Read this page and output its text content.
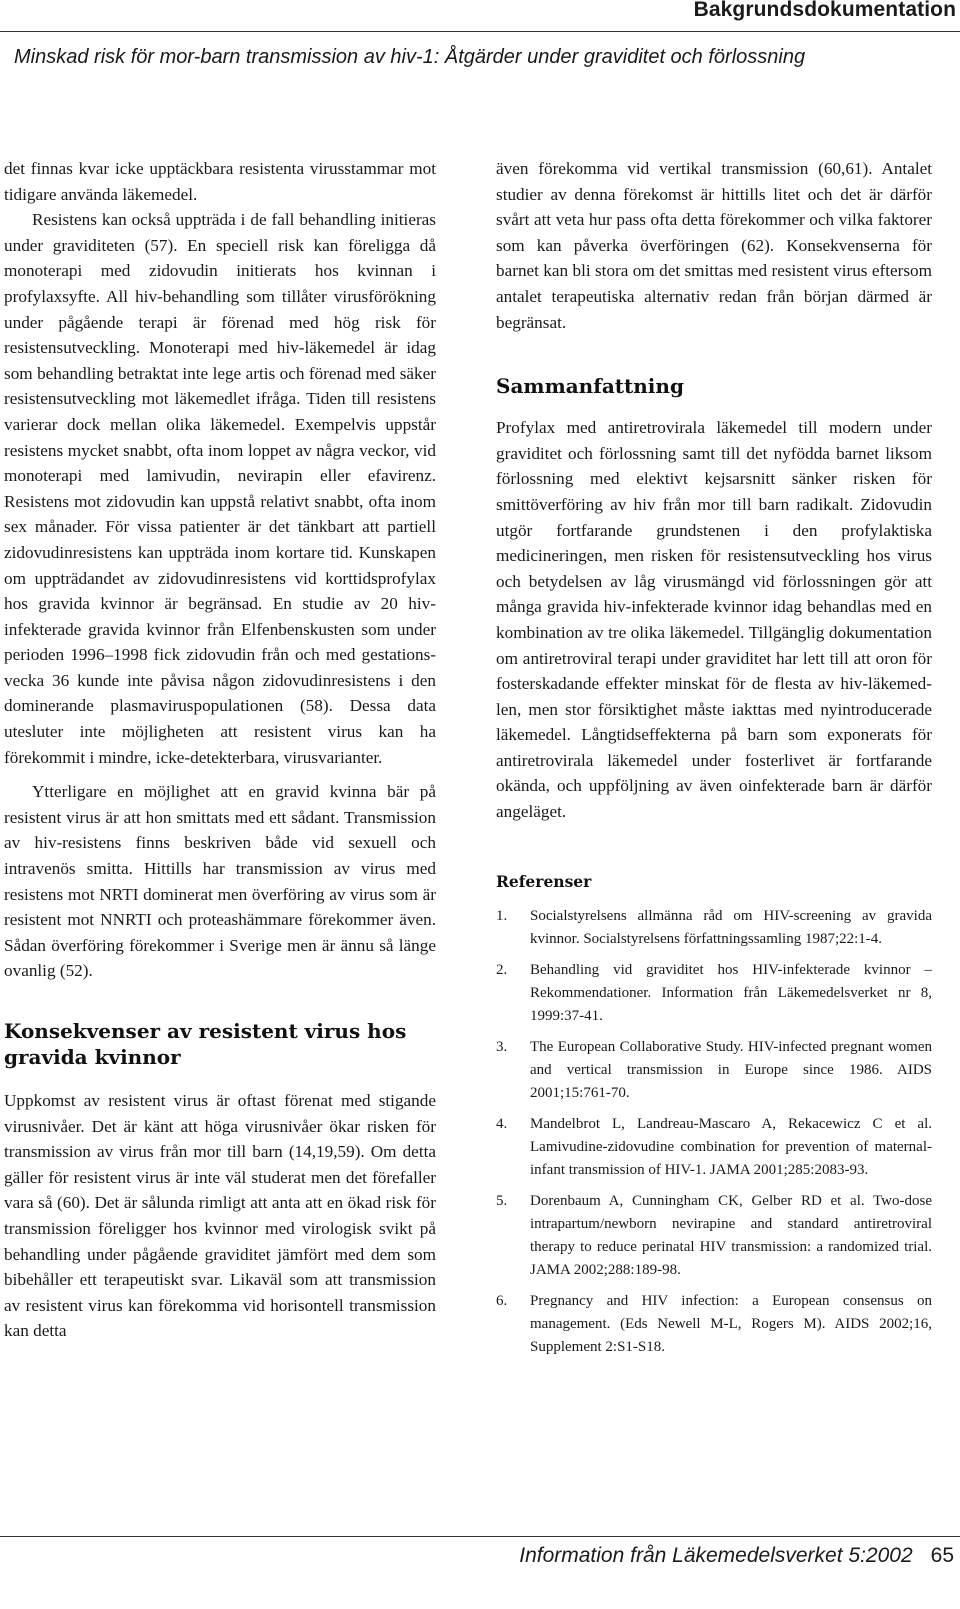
Bakgrundsdokumentation
Minskad risk för mor-barn transmission av hiv-1: Åtgärder under graviditet och förlossning

det finnas kvar icke upptäckbara resistenta virusstammar mot tidigare använda läkemedel.

Resistens kan också uppträda i de fall behandling initieras under graviditeten (57). En speciell risk kan föreligga då monoterapi med zidovudin initierats hos kvinnan i profylaxsyfte. All hiv-behandling som tillåter virusförökning under pågående terapi är förenad med hög risk för resistensutveckling. Monoterapi med hiv-läkemedel är idag som behandling betraktat inte lege artis och förenad med säker resistensutveckling mot läkemedlet ifråga. Tiden till resistens varierar dock mellan olika läkemedel. Exempelvis uppstår resistens mycket snabbt, ofta inom loppet av några veckor, vid monoterapi med lamivudin, nevirapin eller efavirenz. Resistens mot zidovudin kan uppstå relativt snabbt, ofta inom sex månader. För vissa patienter är det tänkbart att partiell zidovudinresistens kan uppträda inom kortare tid. Kunskapen om uppträdandet av zidovudinresistens vid korttidsprofylax hos gravida kvinnor är begränsad. En studie av 20 hiv-infekterade gravida kvinnor från Elfenbenskusten som under perioden 1996–1998 fick zidovudin från och med gestationsvecka 36 kunde inte påvisa någon zidovudinresistens i den dominerande plasmaviruspopulationen (58). Dessa data utesluter inte möjligheten att resistent virus kan ha förekommit i mindre, icke-detekterbara, virusvarianter.

Ytterligare en möjlighet att en gravid kvinna bär på resistent virus är att hon smittats med ett sådant. Transmission av hiv-resistens finns beskriven både vid sexuell och intravenös smitta. Hittills har transmission av virus med resistens mot NRTI dominerat men överföring av virus som är resistent mot NNRTI och proteashämmare förekommer även. Sådan överföring förekommer i Sverige men är ännu så länge ovanlig (52).

Konsekvenser av resistent virus hos gravida kvinnor

Uppkomst av resistent virus är oftast förenat med stigande virusnivåer. Det är känt att höga virusnivåer ökar risken för transmission av virus från mor till barn (14,19,59). Om detta gäller för resistent virus är inte väl studerat men det förefaller vara så (60). Det är sålunda rimligt att anta att en ökad risk för transmission föreligger hos kvinnor med virologisk svikt på behandling under pågående graviditet jämfört med dem som bibehåller ett terapeutiskt svar. Likaväl som att transmission av resistent virus kan förekomma vid horisontell transmission kan detta

även förekomma vid vertikal transmission (60,61). Antalet studier av denna förekomst är hittills litet och det är därför svårt att veta hur pass ofta detta förekommer och vilka faktorer som kan påverka överföringen (62). Konsekvenserna för barnet kan bli stora om det smittas med resistent virus eftersom antalet terapeutiska alternativ redan från början därmed är begränsat.

Sammanfattning

Profylax med antiretrovirala läkemedel till modern under graviditet och förlossning samt till det nyfödda barnet liksom förlossning med elektivt kejsarsnitt sänker risken för smittöverföring av hiv från mor till barn radikalt. Zidovudin utgör fortfarande grundstenen i den profylaktiska medicineringen, men risken för resistensutveckling hos virus och betydelsen av låg virusmängd vid förlossningen gör att många gravida hiv-infekterade kvinnor idag behandlas med en kombination av tre olika läkemedel. Tillgänglig dokumentation om antiretroviral terapi under graviditet har lett till att oron för fosterskadande effekter minskat för de flesta av hiv-läkemedlen, men stor försiktighet måste iakttas med nyintroducerade läkemedel. Långtidseffekterna på barn som exponerats för antiretrovirala läkemedel under fosterlivet är fortfarande okända, och uppföljning av även oinfekterade barn är därför angeläget.

Referenser
1.	Socialstyrelsens allmänna råd om HIV-screening av gravida kvinnor. Socialstyrelsens författningssamling 1987;22:1-4.
2.	Behandling vid graviditet hos HIV-infekterade kvinnor – Rekommendationer. Information från Läkemedelsverket nr 8, 1999:37-41.
3.	The European Collaborative Study. HIV-infected pregnant women and vertical transmission in Europe since 1986. AIDS 2001;15:761-70.
4.	Mandelbrot L, Landreau-Mascaro A, Rekacewicz C et al. Lamivudine-zidovudine combination for prevention of maternal-infant transmission of HIV-1. JAMA 2001;285:2083-93.
5.	Dorenbaum A, Cunningham CK, Gelber RD et al. Two-dose intrapartum/newborn nevirapine and standard antiretroviral therapy to reduce perinatal HIV transmission: a randomized trial. JAMA 2002;288:189-98.
6.	Pregnancy and HIV infection: a European consensus on management. (Eds Newell M-L, Rogers M). AIDS 2002;16, Supplement 2:S1-S18.
Information från Läkemedelsverket 5:2002 65
